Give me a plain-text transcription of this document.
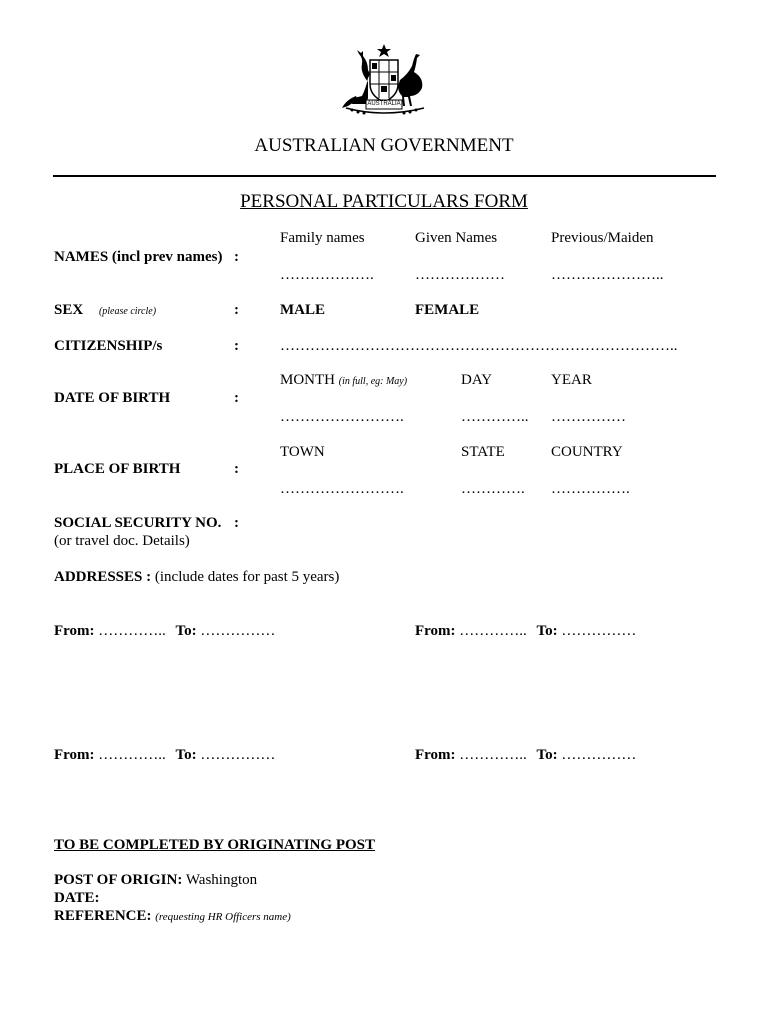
AUSTRALIA
AUSTRALIAN GOVERNMENT
PERSONAL PARTICULARS FORM
Family names	Given Names	Previous/Maiden
NAMES (incl prev names) :
……………….	………………	…………………..
SEX (please circle)	:	MALE	FEMALE
CITIZENSHIP/s	:	……………………………………………………………………..
MONTH (in full, eg: May)	DAY	YEAR
DATE OF BIRTH	:
…………………….	………….. ……………
TOWN	STATE	COUNTRY
PLACE OF BIRTH	:
…………………….	…………. …………….
SOCIAL SECURITY NO. :
(or travel doc. Details)
ADDRESSES : (include dates for past 5 years)
From: ………….. To: ……………	From: ………….. To: ……………
From: ………….. To: ……………	From: ………….. To: ……………
TO BE COMPLETED BY ORIGINATING POST
POST OF ORIGIN: Washington
DATE:
REFERENCE: (requesting HR Officers name)
